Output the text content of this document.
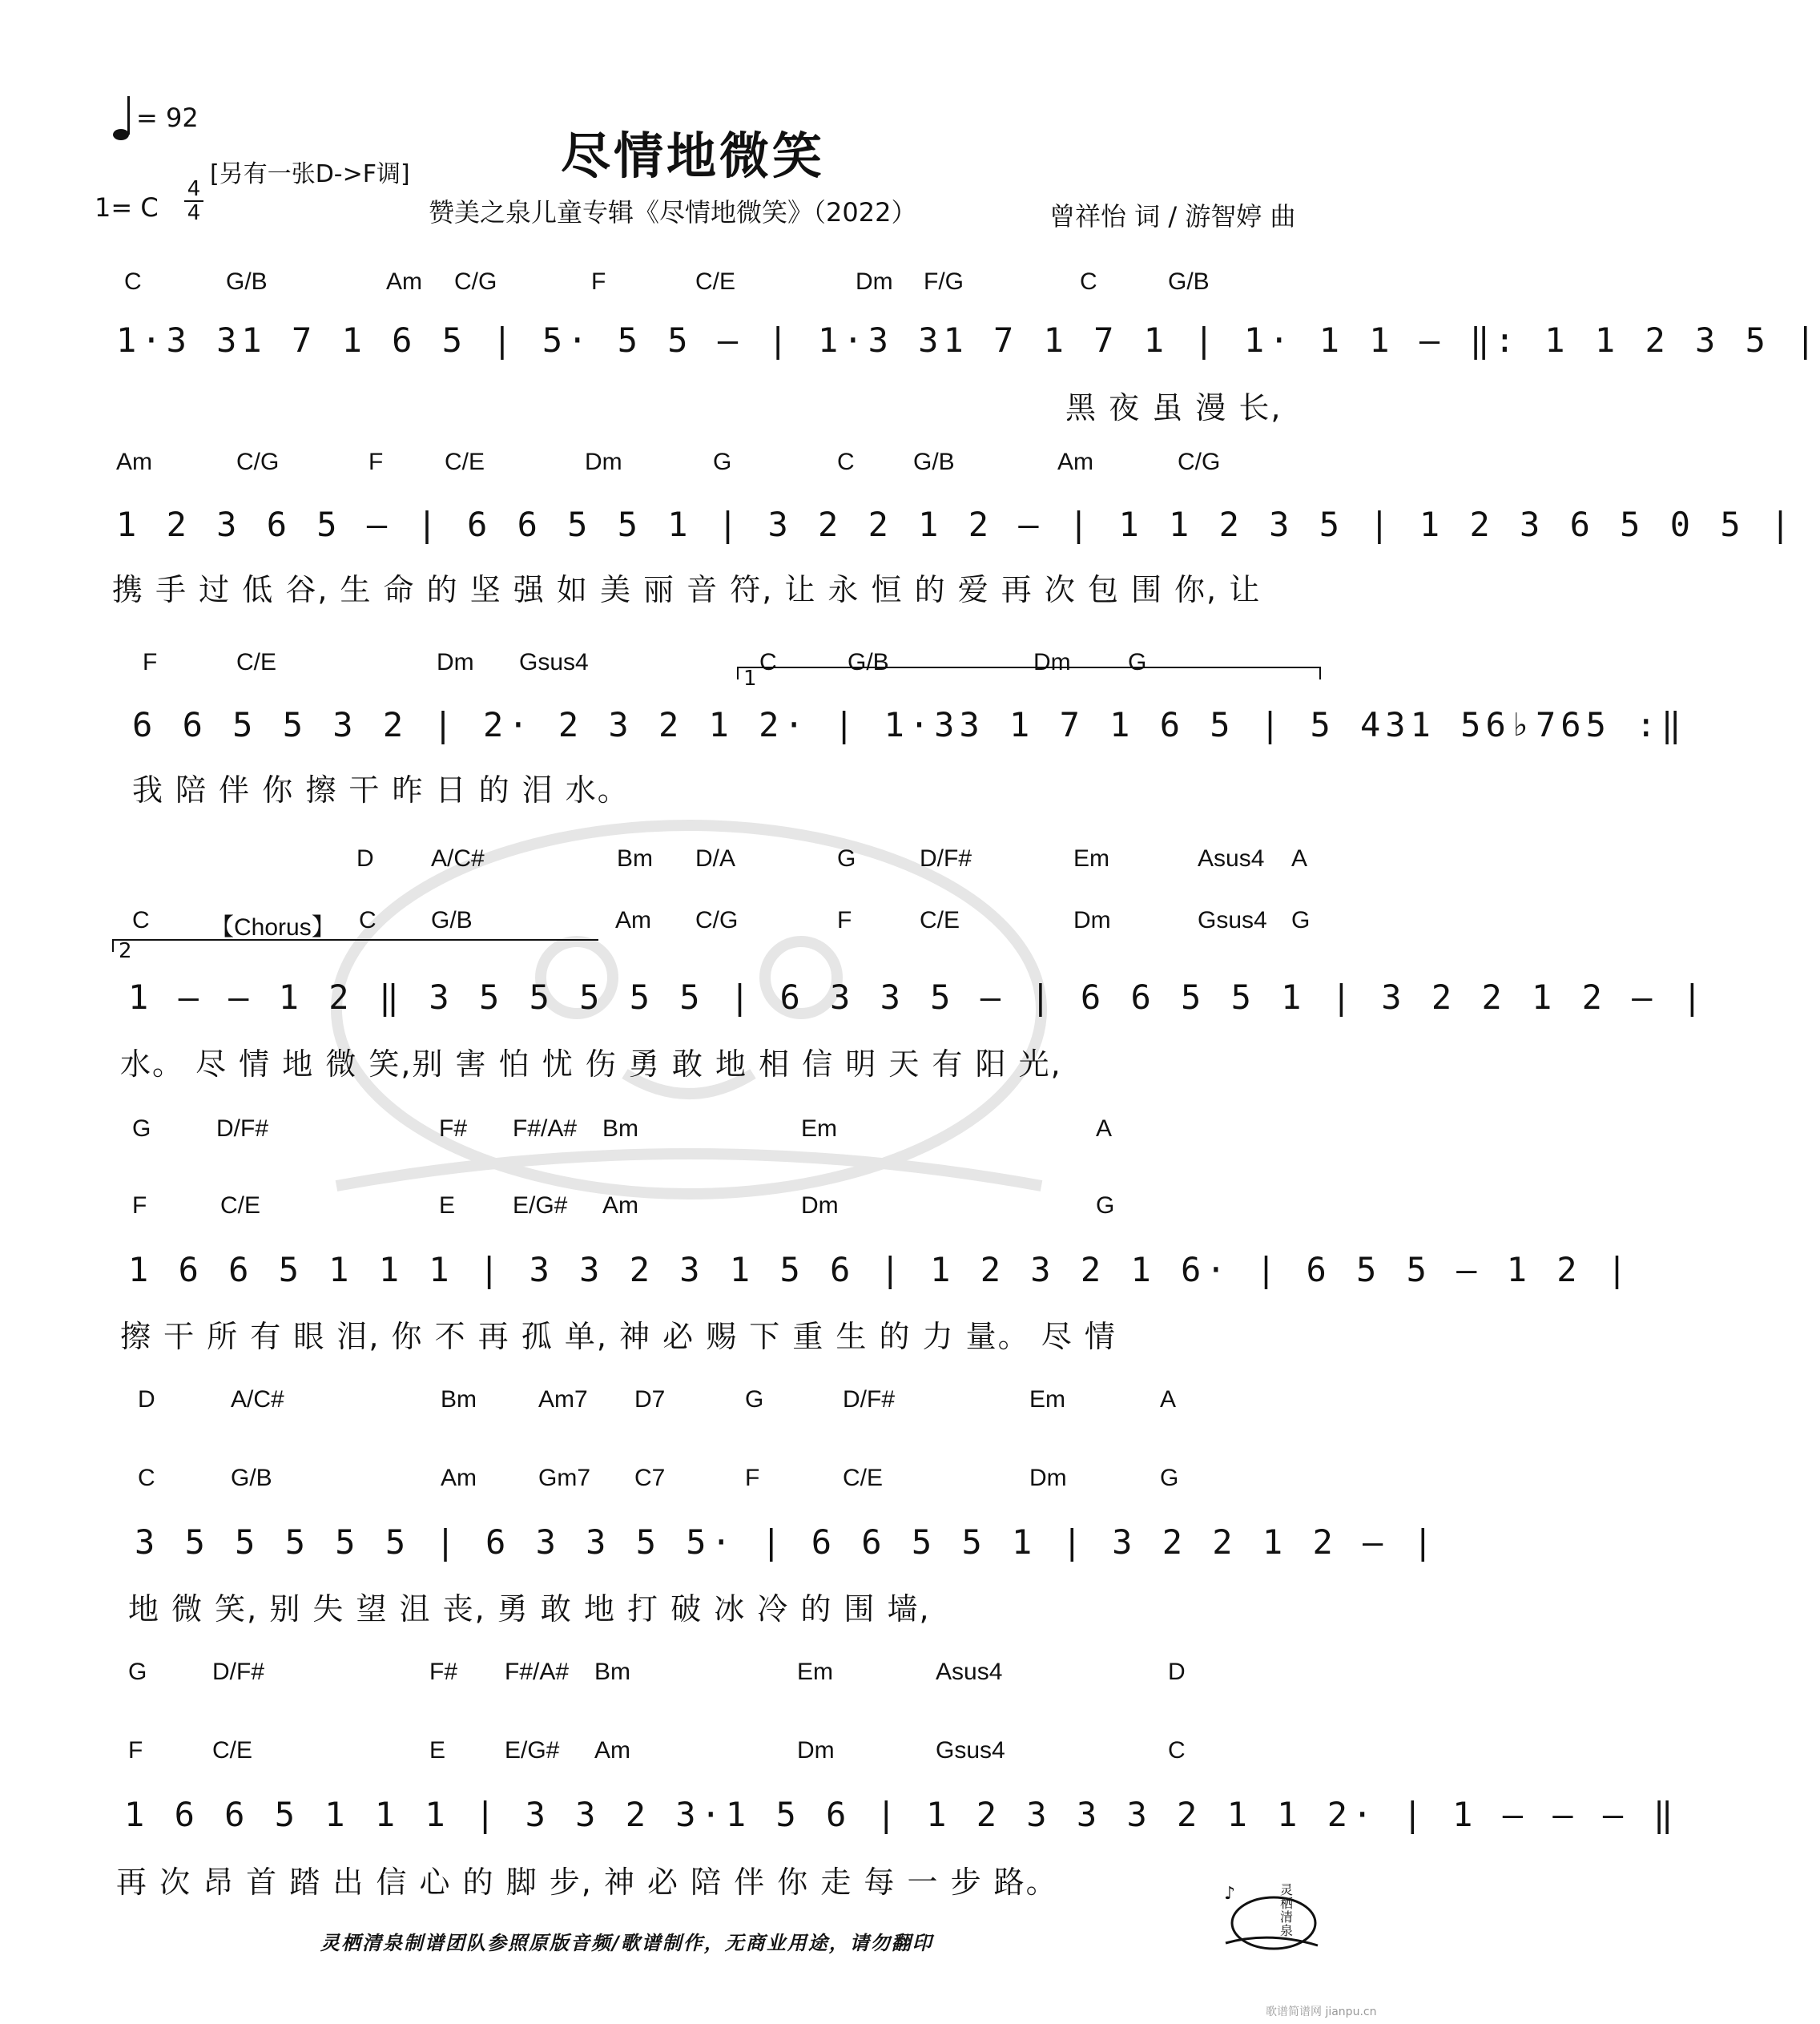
= 92
尽情地微笑
[另有一张D->F调]
1= C
4
4	赞美之泉儿童专辑《尽情地微笑》（2022）	曾祥怡 词 / 游智婷 曲
1·3 31 7 1 6 5 | 5· 5 5 — | 1·3 31 7 1 7 1 | 1· 1 1 — ‖: 1 1 2 3 5 |
1 2 3 6 5 — | 6 6 5 5 1 | 3 2 2 1 2 — | 1 1 2 3 5 | 1 2 3 6 5 0 5 |
1
6 6 5 5 3 2 | 2· 2 3 2 1 2· | 1·33 1 7 1 6 5 | 5 431 56♭765 :‖
2
1 — — 1 2 ‖ 3 5 5 5 5 5 | 6 3 3 5 — | 6 6 5 5 1 | 3 2 2 1 2 — |
1 6 6 5 1 1 1 | 3 3 2 3 1 5 6 | 1 2 3 2 1 6· | 6 5 5 — 1 2 |
3 5 5 5 5 5 | 6 3 3 5 5· | 6 6 5 5 1 | 3 2 2 1 2 — |
1 6 6 5 1 1 1 | 3 3 2 3·1 5 6 | 1 2 3 3 3 2 1 1 2· | 1 — — — ‖
灵栖清泉制谱团队参照原版音频/歌谱制作，无商业用途，请勿翻印
♪	灵栖清泉
歌谱简谱网 jianpu.cn
C	G/B	Am C/G	F	C/E	Dm F/G	C	G/B
Am	C/G	F	C/E	Dm	G	C G/B	Am	C/G
F	C/E	Dm Gsus4	C	G/B	Dm G
C	【Chorus】 C G/B	Am C/G	F	C/E	Dm	Gsus4 G
F	C/E	E E/G# Am	Dm	G
C	G/B	Am	Gm7 C7	F	C/E	Dm	G
F	C/E	E E/G# Am	Dm	Gsus4	C
D A/C#	Bm D/A	G	D/F#	Em	Asus4 A
G	D/F#	F# F#/A# Bm	Em	A
D	A/C#	Bm	Am7 D7	G	D/F#	Em	A
G	D/F#	F# F#/A# Bm	Em	Asus4	D
黑 夜 虽 漫 长,
携 手 过 低 谷, 生 命 的 坚 强 如 美 丽 音 符, 让 永 恒 的 爱 再 次 包 围 你, 让
我 陪 伴 你 擦 干 昨 日 的 泪 水。
水。 尽 情 地 微 笑,别 害 怕 忧 伤 勇 敢 地 相 信 明 天 有 阳 光,
擦 干 所 有 眼 泪, 你 不 再 孤 单, 神 必 赐 下 重 生 的 力 量。 尽 情
地 微 笑, 别 失 望 沮 丧, 勇 敢 地 打 破 冰 冷 的 围 墙,
再 次 昂 首 踏 出 信 心 的 脚 步, 神 必 陪 伴 你 走 每 一 步 路。
